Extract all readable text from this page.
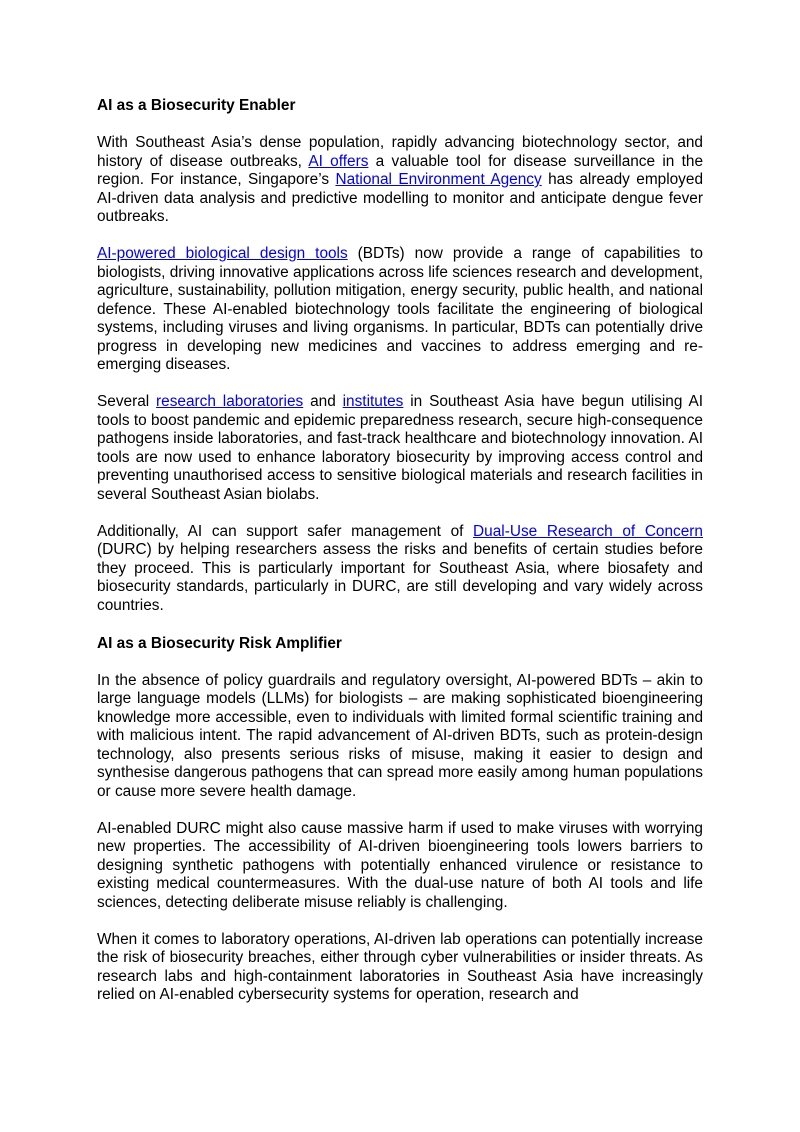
AI as a Biosecurity Enabler

With Southeast Asia’s dense population, rapidly advancing biotechnology sector, and history of disease outbreaks, AI offers a valuable tool for disease surveillance in the region. For instance, Singapore’s National Environment Agency has already employed AI-driven data analysis and predictive modelling to monitor and anticipate dengue fever outbreaks.

AI-powered biological design tools (BDTs) now provide a range of capabilities to biologists, driving innovative applications across life sciences research and development, agriculture, sustainability, pollution mitigation, energy security, public health, and national defence. These AI-enabled biotechnology tools facilitate the engineering of biological systems, including viruses and living organisms. In particular, BDTs can potentially drive progress in developing new medicines and vaccines to address emerging and re-emerging diseases.

Several research laboratories and institutes in Southeast Asia have begun utilising AI tools to boost pandemic and epidemic preparedness research, secure high-consequence pathogens inside laboratories, and fast-track healthcare and biotechnology innovation. AI tools are now used to enhance laboratory biosecurity by improving access control and preventing unauthorised access to sensitive biological materials and research facilities in several Southeast Asian biolabs.

Additionally, AI can support safer management of Dual-Use Research of Concern (DURC) by helping researchers assess the risks and benefits of certain studies before they proceed. This is particularly important for Southeast Asia, where biosafety and biosecurity standards, particularly in DURC, are still developing and vary widely across countries.

AI as a Biosecurity Risk Amplifier

In the absence of policy guardrails and regulatory oversight, AI-powered BDTs – akin to large language models (LLMs) for biologists – are making sophisticated bioengineering knowledge more accessible, even to individuals with limited formal scientific training and with malicious intent. The rapid advancement of AI-driven BDTs, such as protein-design technology, also presents serious risks of misuse, making it easier to design and synthesise dangerous pathogens that can spread more easily among human populations or cause more severe health damage.

AI-enabled DURC might also cause massive harm if used to make viruses with worrying new properties. The accessibility of AI-driven bioengineering tools lowers barriers to designing synthetic pathogens with potentially enhanced virulence or resistance to existing medical countermeasures. With the dual-use nature of both AI tools and life sciences, detecting deliberate misuse reliably is challenging.

When it comes to laboratory operations, AI-driven lab operations can potentially increase the risk of biosecurity breaches, either through cyber vulnerabilities or insider threats. As research labs and high-containment laboratories in Southeast Asia have increasingly relied on AI-enabled cybersecurity systems for operation, research and
